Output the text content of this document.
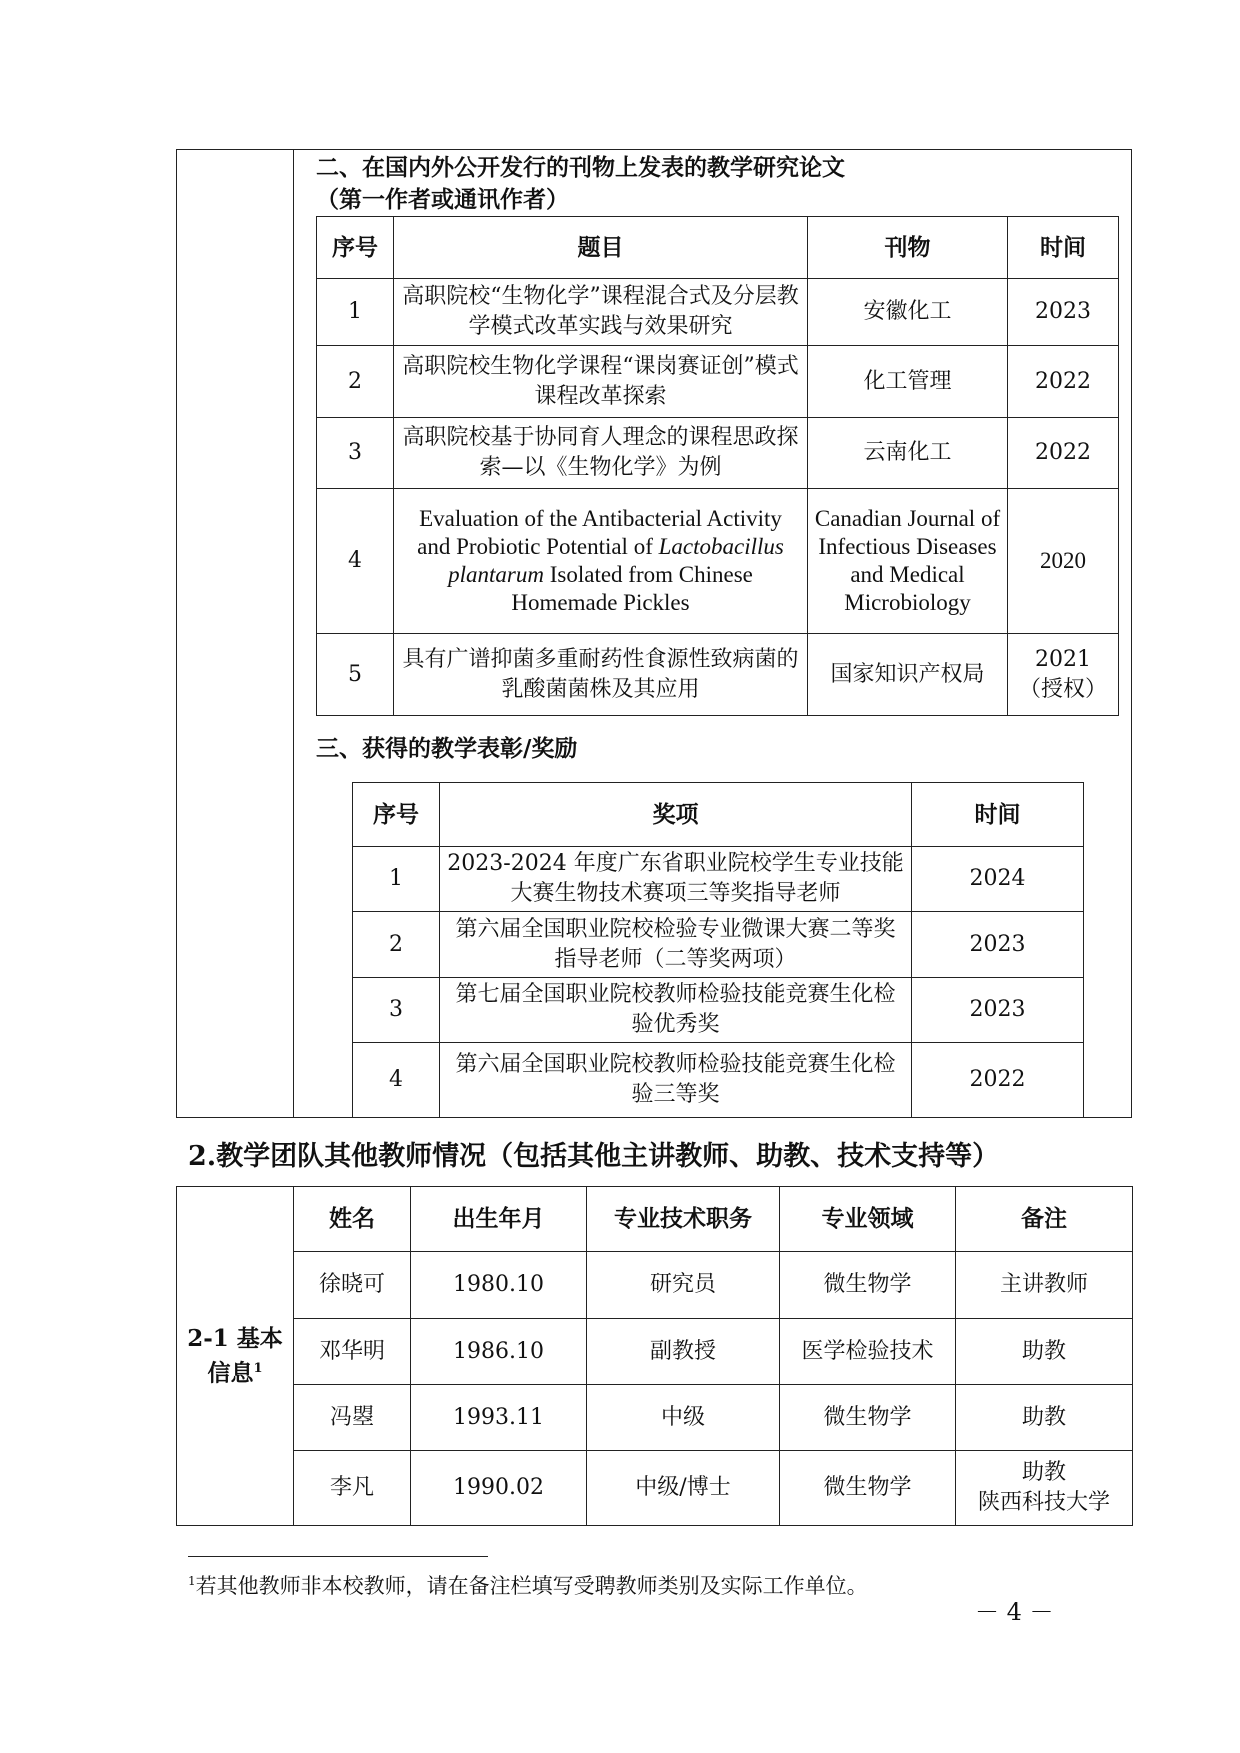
二、在国内外公开发行的刊物上发表的教学研究论文
（第一作者或通讯作者）
序号	题目	刊物	时间
1	高职院校“生物化学”课程混合式及分层教学模式改革实践与效果研究	安徽化工	2023
2	高职院校生物化学课程“课岗赛证创”模式课程改革探索	化工管理	2022
3	高职院校基于协同育人理念的课程思政探索—以《生物化学》为例	云南化工	2022
4	Evaluation of the Antibacterial Activity and Probiotic Potential of Lactobacillus plantarum Isolated from Chinese Homemade Pickles	Canadian Journal of Infectious Diseases and Medical Microbiology	2020
5	具有广谱抑菌多重耐药性食源性致病菌的乳酸菌菌株及其应用	国家知识产权局	2021
（授权）
三、获得的教学表彰/奖励
序号	奖项	时间
1	2023-2024 年度广东省职业院校学生专业技能大赛生物技术赛项三等奖指导老师	2024
2	第六届全国职业院校检验专业微课大赛二等奖指导老师（二等奖两项）	2023
3	第七届全国职业院校教师检验技能竞赛生化检验优秀奖	2023
4	第六届全国职业院校教师检验技能竞赛生化检验三等奖	2022
2.教学团队其他教师情况（包括其他主讲教师、助教、技术支持等）
2-1 基本信息$^1$	姓名	出生年月	专业技术职务	专业领域	备注
	徐晓可	1980.10	研究员	微生物学	主讲教师
	邓华明	1986.10	副教授	医学检验技术	助教
	冯曌	1993.11	中级	微生物学	助教
	李凡	1990.02	中级/博士	微生物学	助教
陕西科技大学
$^1$若其他教师非本校教师，请在备注栏填写受聘教师类别及实际工作单位。
－ 4 －
